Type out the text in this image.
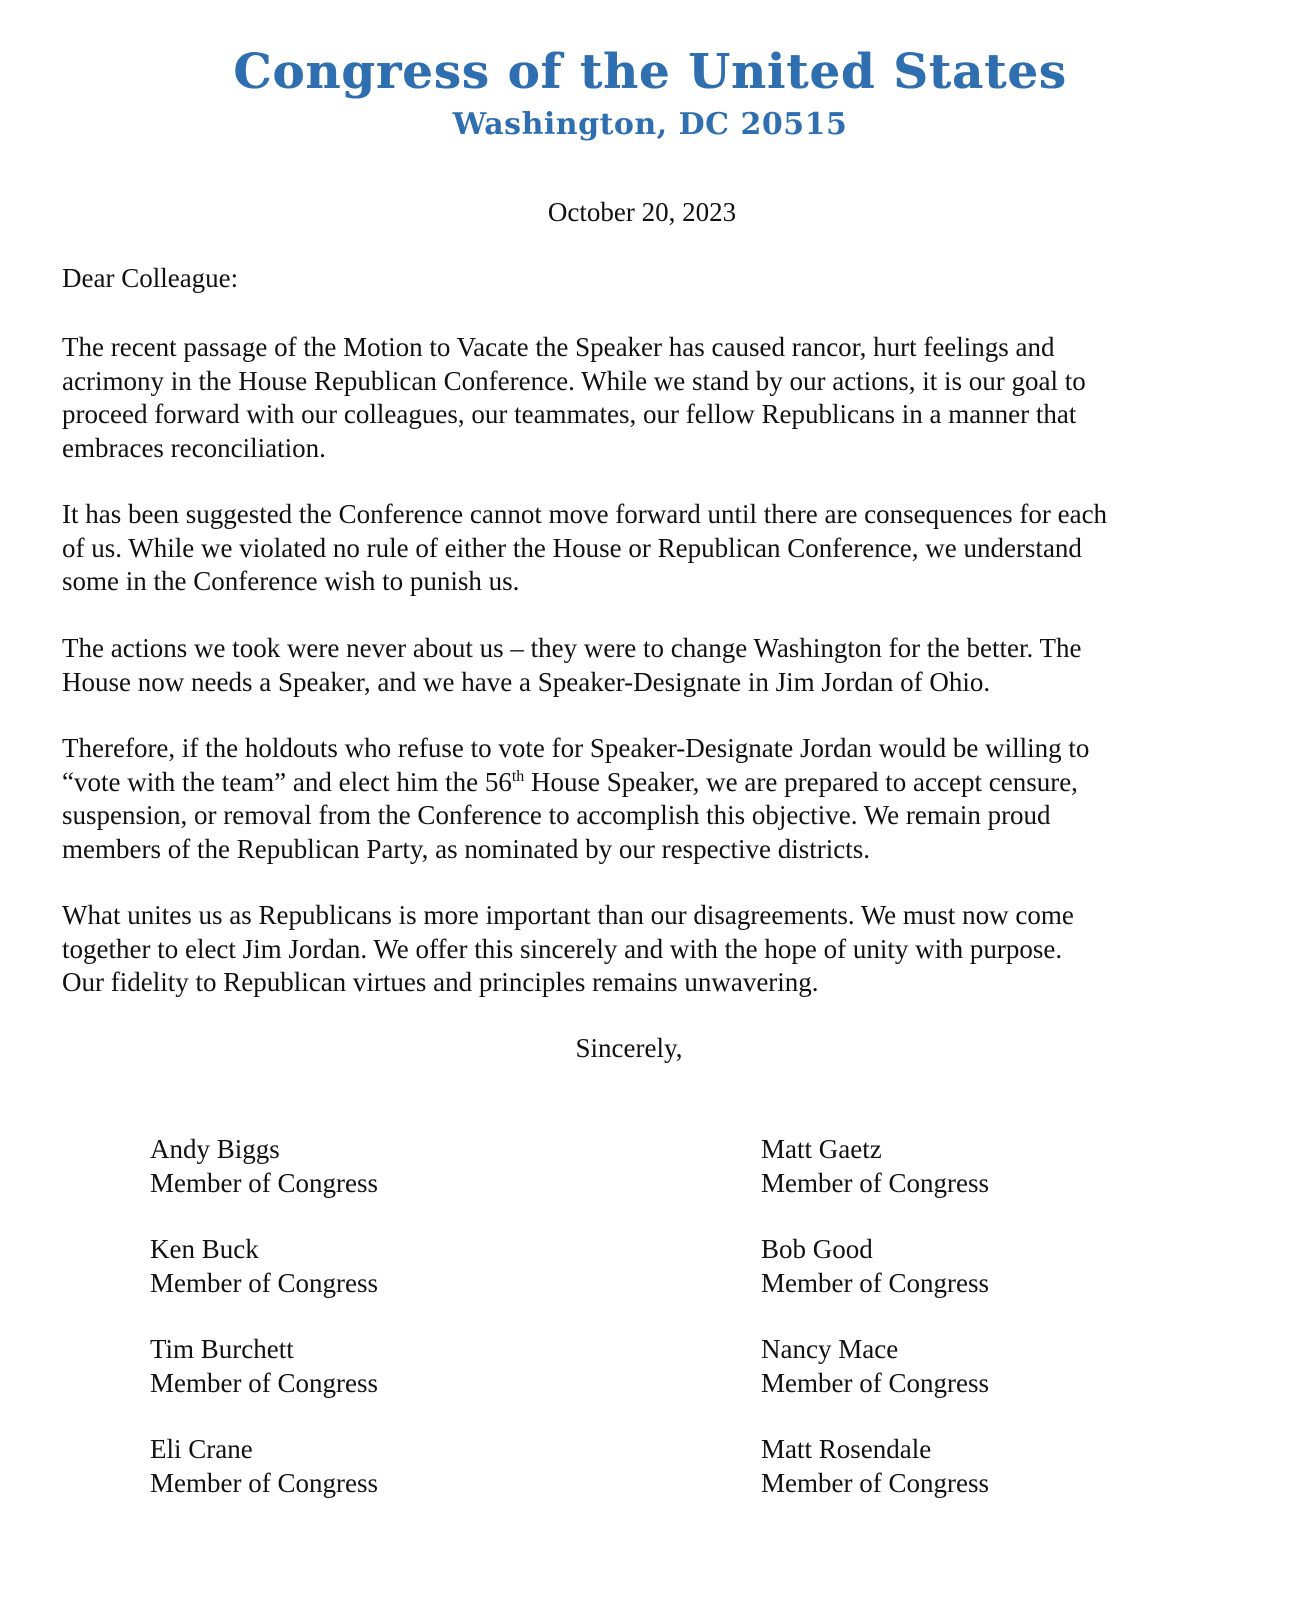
Congress of the United States
Washington, DC 20515
October 20, 2023
Dear Colleague:

The recent passage of the Motion to Vacate the Speaker has caused rancor, hurt feelings and
acrimony in the House Republican Conference. While we stand by our actions, it is our goal to
proceed forward with our colleagues, our teammates, our fellow Republicans in a manner that
embraces reconciliation.

It has been suggested the Conference cannot move forward until there are consequences for each
of us. While we violated no rule of either the House or Republican Conference, we understand
some in the Conference wish to punish us.

The actions we took were never about us – they were to change Washington for the better. The
House now needs a Speaker, and we have a Speaker-Designate in Jim Jordan of Ohio.

Therefore, if the holdouts who refuse to vote for Speaker-Designate Jordan would be willing to
“vote with the team” and elect him the 56th House Speaker, we are prepared to accept censure,
suspension, or removal from the Conference to accomplish this objective. We remain proud
members of the Republican Party, as nominated by our respective districts.

What unites us as Republicans is more important than our disagreements. We must now come
together to elect Jim Jordan. We offer this sincerely and with the hope of unity with purpose.
Our fidelity to Republican virtues and principles remains unwavering.

Sincerely,
Andy Biggs
Member of Congress
Matt Gaetz
Member of Congress
Ken Buck
Member of Congress
Bob Good
Member of Congress
Tim Burchett
Member of Congress
Nancy Mace
Member of Congress
Eli Crane
Member of Congress
Matt Rosendale
Member of Congress
